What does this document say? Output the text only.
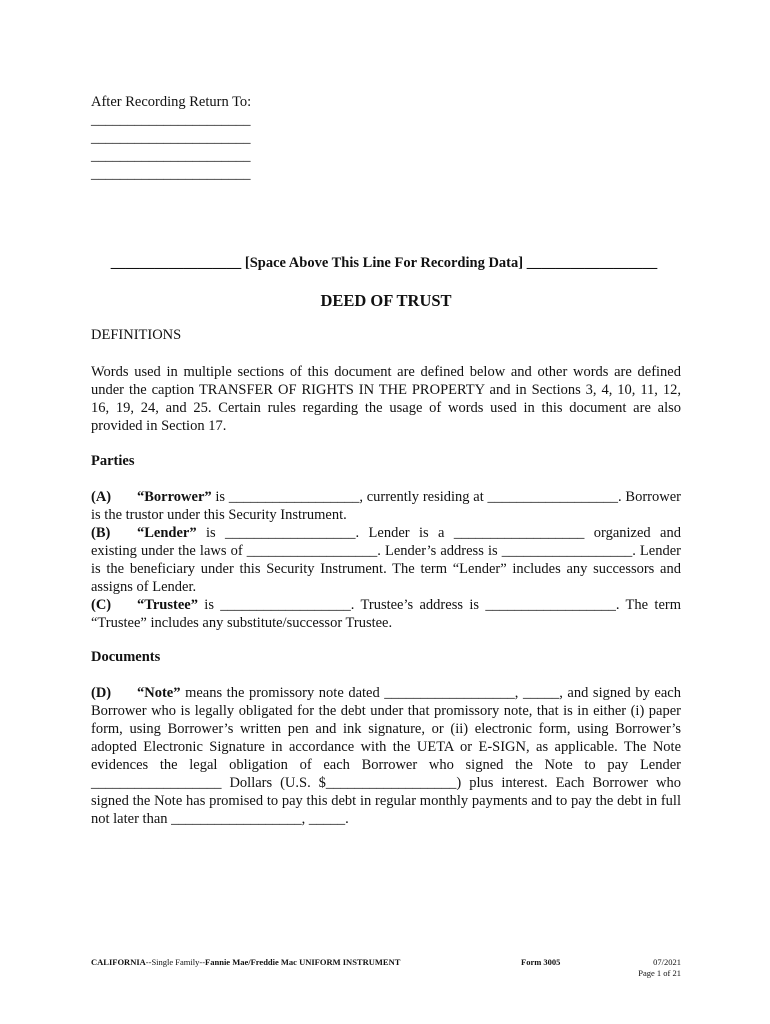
After Recording Return To:
______________________
______________________
______________________
______________________
__________________ [Space Above This Line For Recording Data] __________________
DEED OF TRUST
DEFINITIONS
Words used in multiple sections of this document are defined below and other words are defined under the caption TRANSFER OF RIGHTS IN THE PROPERTY and in Sections 3, 4, 10, 11, 12, 16, 19, 24, and 25. Certain rules regarding the usage of words used in this document are also provided in Section 17.
Parties
(A) “Borrower” is __________________, currently residing at __________________. Borrower is the trustor under this Security Instrument.
(B) “Lender” is __________________. Lender is a __________________ organized and existing under the laws of __________________. Lender’s address is __________________. Lender is the beneficiary under this Security Instrument. The term “Lender” includes any successors and assigns of Lender.
(C) “Trustee” is __________________. Trustee’s address is __________________. The term “Trustee” includes any substitute/successor Trustee.
Documents
(D) “Note” means the promissory note dated __________________, _____, and signed by each Borrower who is legally obligated for the debt under that promissory note, that is in either (i) paper form, using Borrower’s written pen and ink signature, or (ii) electronic form, using Borrower’s adopted Electronic Signature in accordance with the UETA or E-SIGN, as applicable. The Note evidences the legal obligation of each Borrower who signed the Note to pay Lender __________________ Dollars (U.S. $__________________) plus interest. Each Borrower who signed the Note has promised to pay this debt in regular monthly payments and to pay the debt in full not later than __________________, _____.
CALIFORNIA--Single Family--Fannie Mae/Freddie Mac UNIFORM INSTRUMENT	Form 3005	07/2021
Page 1 of 21
